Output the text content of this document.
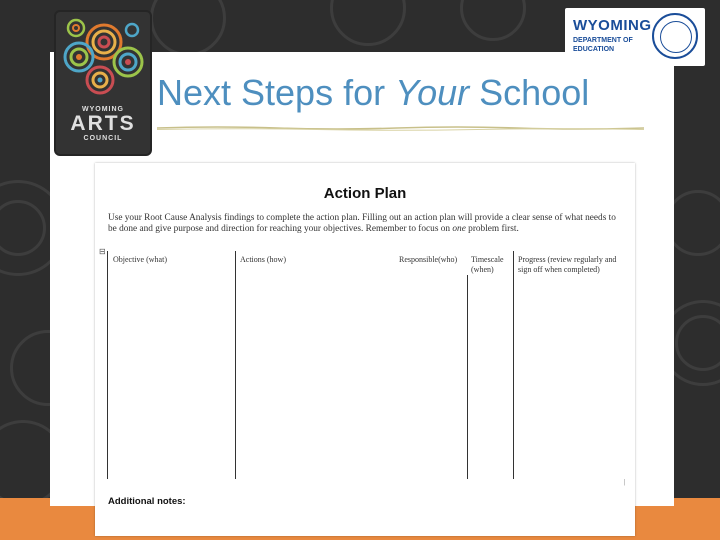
WYOMING
ARTS
COUNCIL
WYOMING
DEPARTMENT OF EDUCATION
Next Steps for Your School
Action Plan
Use your Root Cause Analysis findings to complete the action plan. Filling out an action plan will provide a clear sense of what needs to be done and give purpose and direction for reaching your objectives. Remember to focus on one problem first.
⊟
Objective (what)	Actions (how)	Responsible(who) Timescale (when)
Progress (review regularly and sign off when completed)
|
Additional notes:
